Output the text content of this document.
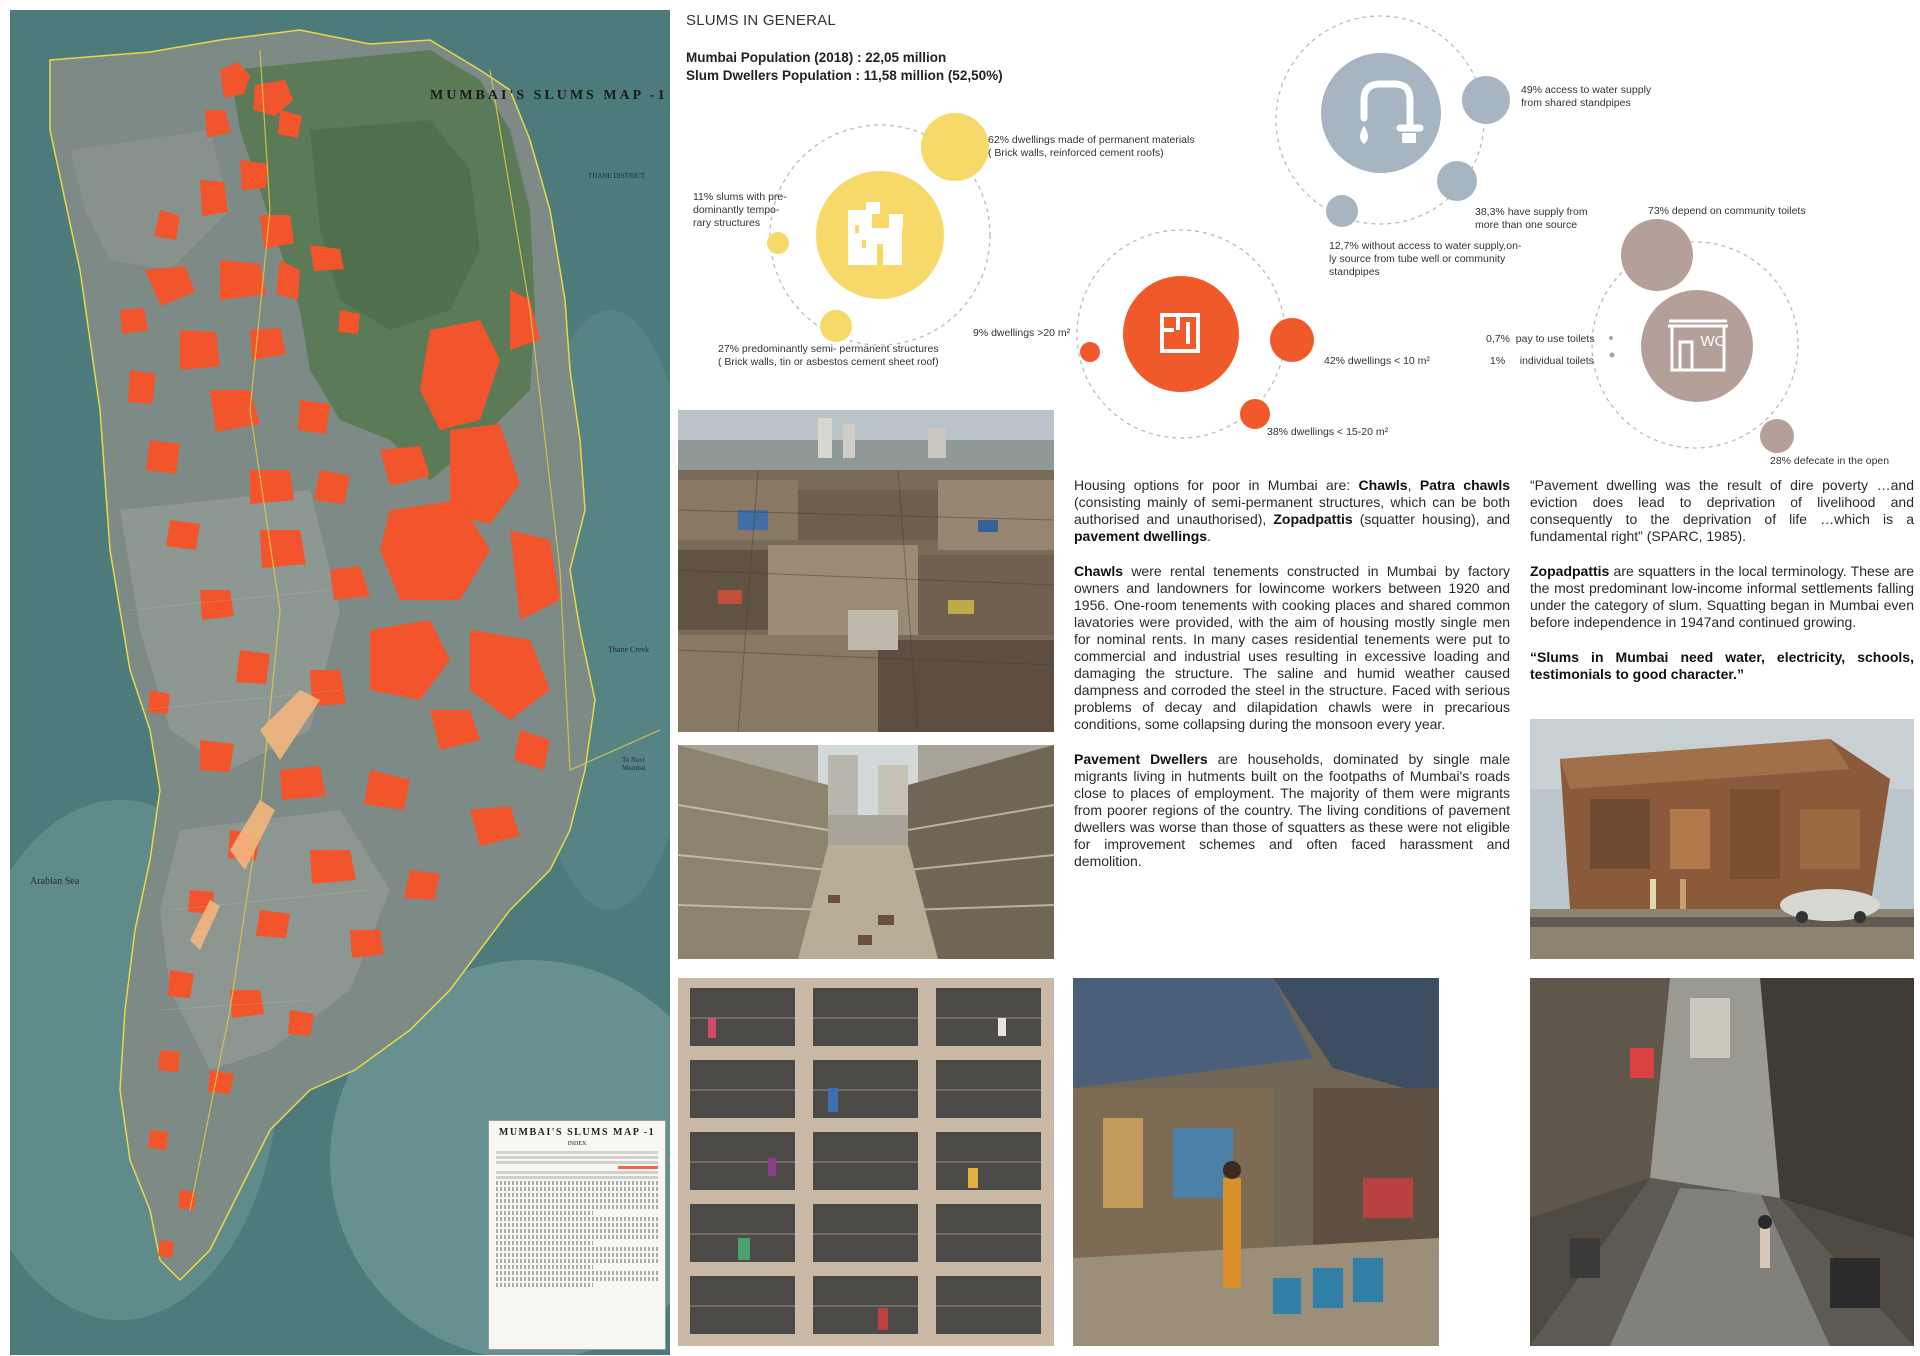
MUMBAI'S SLUMS MAP -1
Arabian Sea
Thane Creek
THANE DISTRICT
To Navi Mumbai
MUMBAI'S SLUMS MAP -1
INDEX
SLUMS IN GENERAL
Mumbai Population (2018) : 22,05 million
Slum Dwellers Population : 11,58 million (52,50%)
WC
62% dwellings made of permanent materials
( Brick walls, reinforced cement roofs)
11% slums with pre-
dominantly tempo-
rary structures
27% predominantly semi- permanent structures
( Brick walls, tin or asbestos cement sheet roof)
49% access to water supply
from shared standpipes
38,3% have supply from
more than one source
12,7% without access to water supply,on-
ly source from tube well or community
standpipes
9% dwellings >20 m²
42% dwellings < 10 m²
38% dwellings < 15-20 m²
73% depend on community toilets
0,7%  pay to use toilets
1%     individual toilets
28% defecate in the open

Housing options for poor in Mumbai are: Chawls, Patra chawls (consisting mainly of semi-permanent structures, which can be both authorised and unauthorised), Zopadpattis (squatter housing), and pavement dwellings.

Chawls were rental tenements constructed in Mumbai by factory owners and landowners for lowincome workers between 1920 and 1956. One-room tenements with cooking places and shared common lavatories were provided, with the aim of housing mostly single men for nominal rents. In many cases residential tenements were put to commercial and industrial uses resulting in excessive loading and damaging the structure. The saline and humid weather caused dampness and corroded the steel in the structure. Faced with serious problems of decay and dilapidation chawls were in precarious conditions, some collapsing during the monsoon every year.

Pavement Dwellers are households, dominated by single male migrants living in hutments built on the footpaths of Mumbai's roads close to places of employment. The majority of them were migrants from poorer regions of the country. The living conditions of pavement dwellers was worse than those of squatters as these were not eligible for improvement schemes and often faced harassment and demolition.

“Pavement dwelling was the result of dire poverty …and eviction does lead to deprivation of livelihood and consequently to the deprivation of life …which is a fundamental right” (SPARC, 1985).

Zopadpattis are squatters in the local terminology. These are the most predominant low-income informal settlements falling under the category of slum. Squatting began in Mumbai even before independence in 1947and continued growing.

“Slums in Mumbai need water, electricity, schools, testimonials to good character.”
